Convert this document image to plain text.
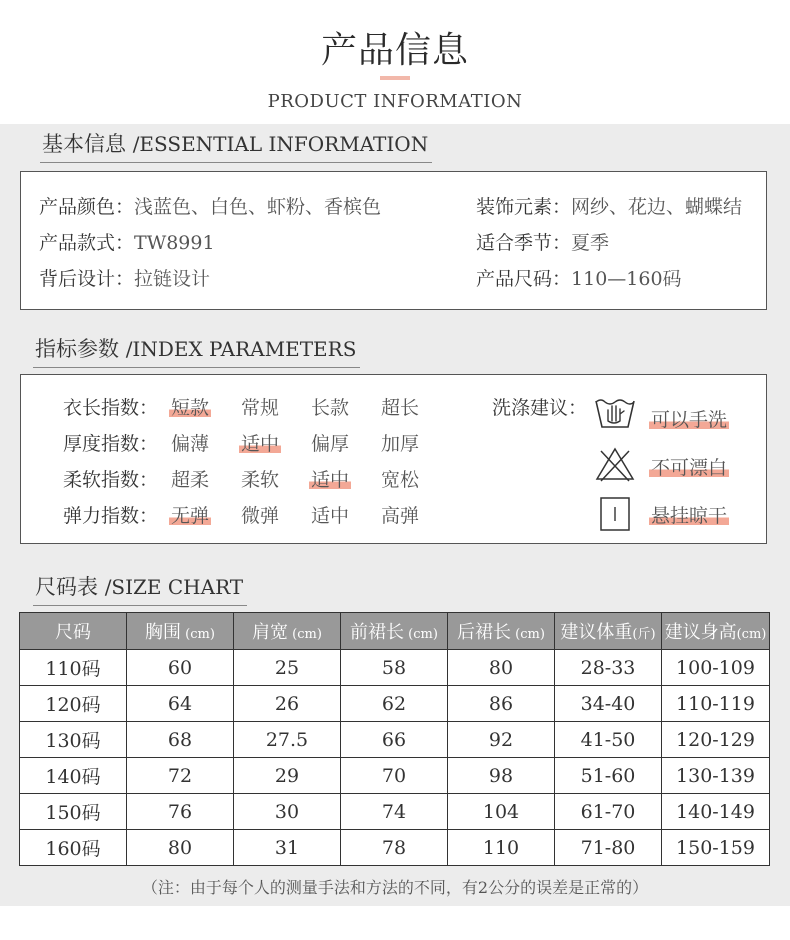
产品信息
PRODUCT INFORMATION
基本信息 /ESSENTIAL INFORMATION
产品颜色：浅蓝色、白色、虾粉、香槟色
产品款式：TW8991
背后设计：拉链设计
装饰元素：网纱、花边、蝴蝶结
适合季节：夏季
产品尺码：110—160码
指标参数 /INDEX PARAMETERS
衣长指数： 短款 常规 长款 超长
厚度指数： 偏薄 适中 偏厚 加厚
柔软指数： 超柔 柔软 适中 宽松
弹力指数： 无弹 微弹 适中 高弹
洗涤建议：
可以手洗
不可漂白
悬挂晾干
尺码表 /SIZE CHART
尺码	胸围 (cm)	肩宽 (cm)	前裙长 (cm)	后裙长 (cm)	建议体重(斤)	建议身高(cm)
110码	60	25	58	80	28-33	100-109
120码	64	26	62	86	34-40	110-119
130码	68	27.5	66	92	41-50	120-129
140码	72	29	70	98	51-60	130-139
150码	76	30	74	104	61-70	140-149
160码	80	31	78	110	71-80	150-159
（注：由于每个人的测量手法和方法的不同，有2公分的误差是正常的）
